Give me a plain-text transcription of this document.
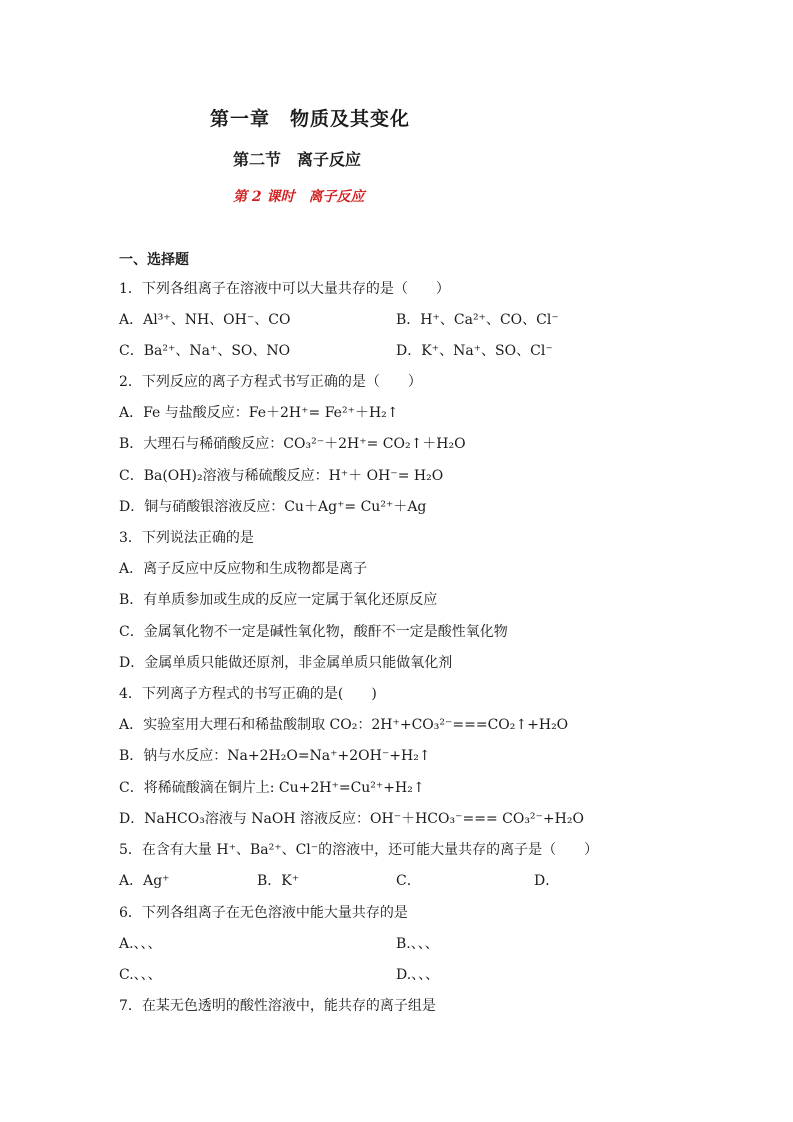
第一章　物质及其变化
第二节　离子反应
第 2 课时　离子反应
一、选择题
1．下列各组离子在溶液中可以大量共存的是（　　）
A．Al³⁺、NH、OH⁻、CO	B．H⁺、Ca²⁺、CO、Cl⁻
C．Ba²⁺、Na⁺、SO、NO	D．K⁺、Na⁺、SO、Cl⁻
2．下列反应的离子方程式书写正确的是（　　）
A．Fe 与盐酸反应：Fe＋2H⁺= Fe²⁺＋H₂↑
B．大理石与稀硝酸反应：CO₃²⁻＋2H⁺= CO₂↑＋H₂O
C．Ba(OH)₂溶液与稀硫酸反应：H⁺＋ OH⁻= H₂O
D．铜与硝酸银溶液反应：Cu＋Ag⁺= Cu²⁺＋Ag
3．下列说法正确的是
A．离子反应中反应物和生成物都是离子
B．有单质参加或生成的反应一定属于氧化还原反应
C．金属氧化物不一定是碱性氧化物，酸酐不一定是酸性氧化物
D．金属单质只能做还原剂，非金属单质只能做氧化剂
4．下列离子方程式的书写正确的是(　　)
A．实验室用大理石和稀盐酸制取 CO₂：2H⁺+CO₃²⁻===CO₂↑+H₂O
B．钠与水反应：Na+2H₂O=Na⁺+2OH⁻+H₂↑
C．将稀硫酸滴在铜片上: Cu+2H⁺=Cu²⁺+H₂↑
D．NaHCO₃溶液与 NaOH 溶液反应：OH⁻＋HCO₃⁻=== CO₃²⁻+H₂O
5．在含有大量 H⁺、Ba²⁺、Cl⁻的溶液中，还可能大量共存的离子是（　　）
A．Ag⁺	B．K⁺	C．	D．
6．下列各组离子在无色溶液中能大量共存的是
A.、、、	B.、、、
C.、、、	D.、、、
7．在某无色透明的酸性溶液中，能共存的离子组是
